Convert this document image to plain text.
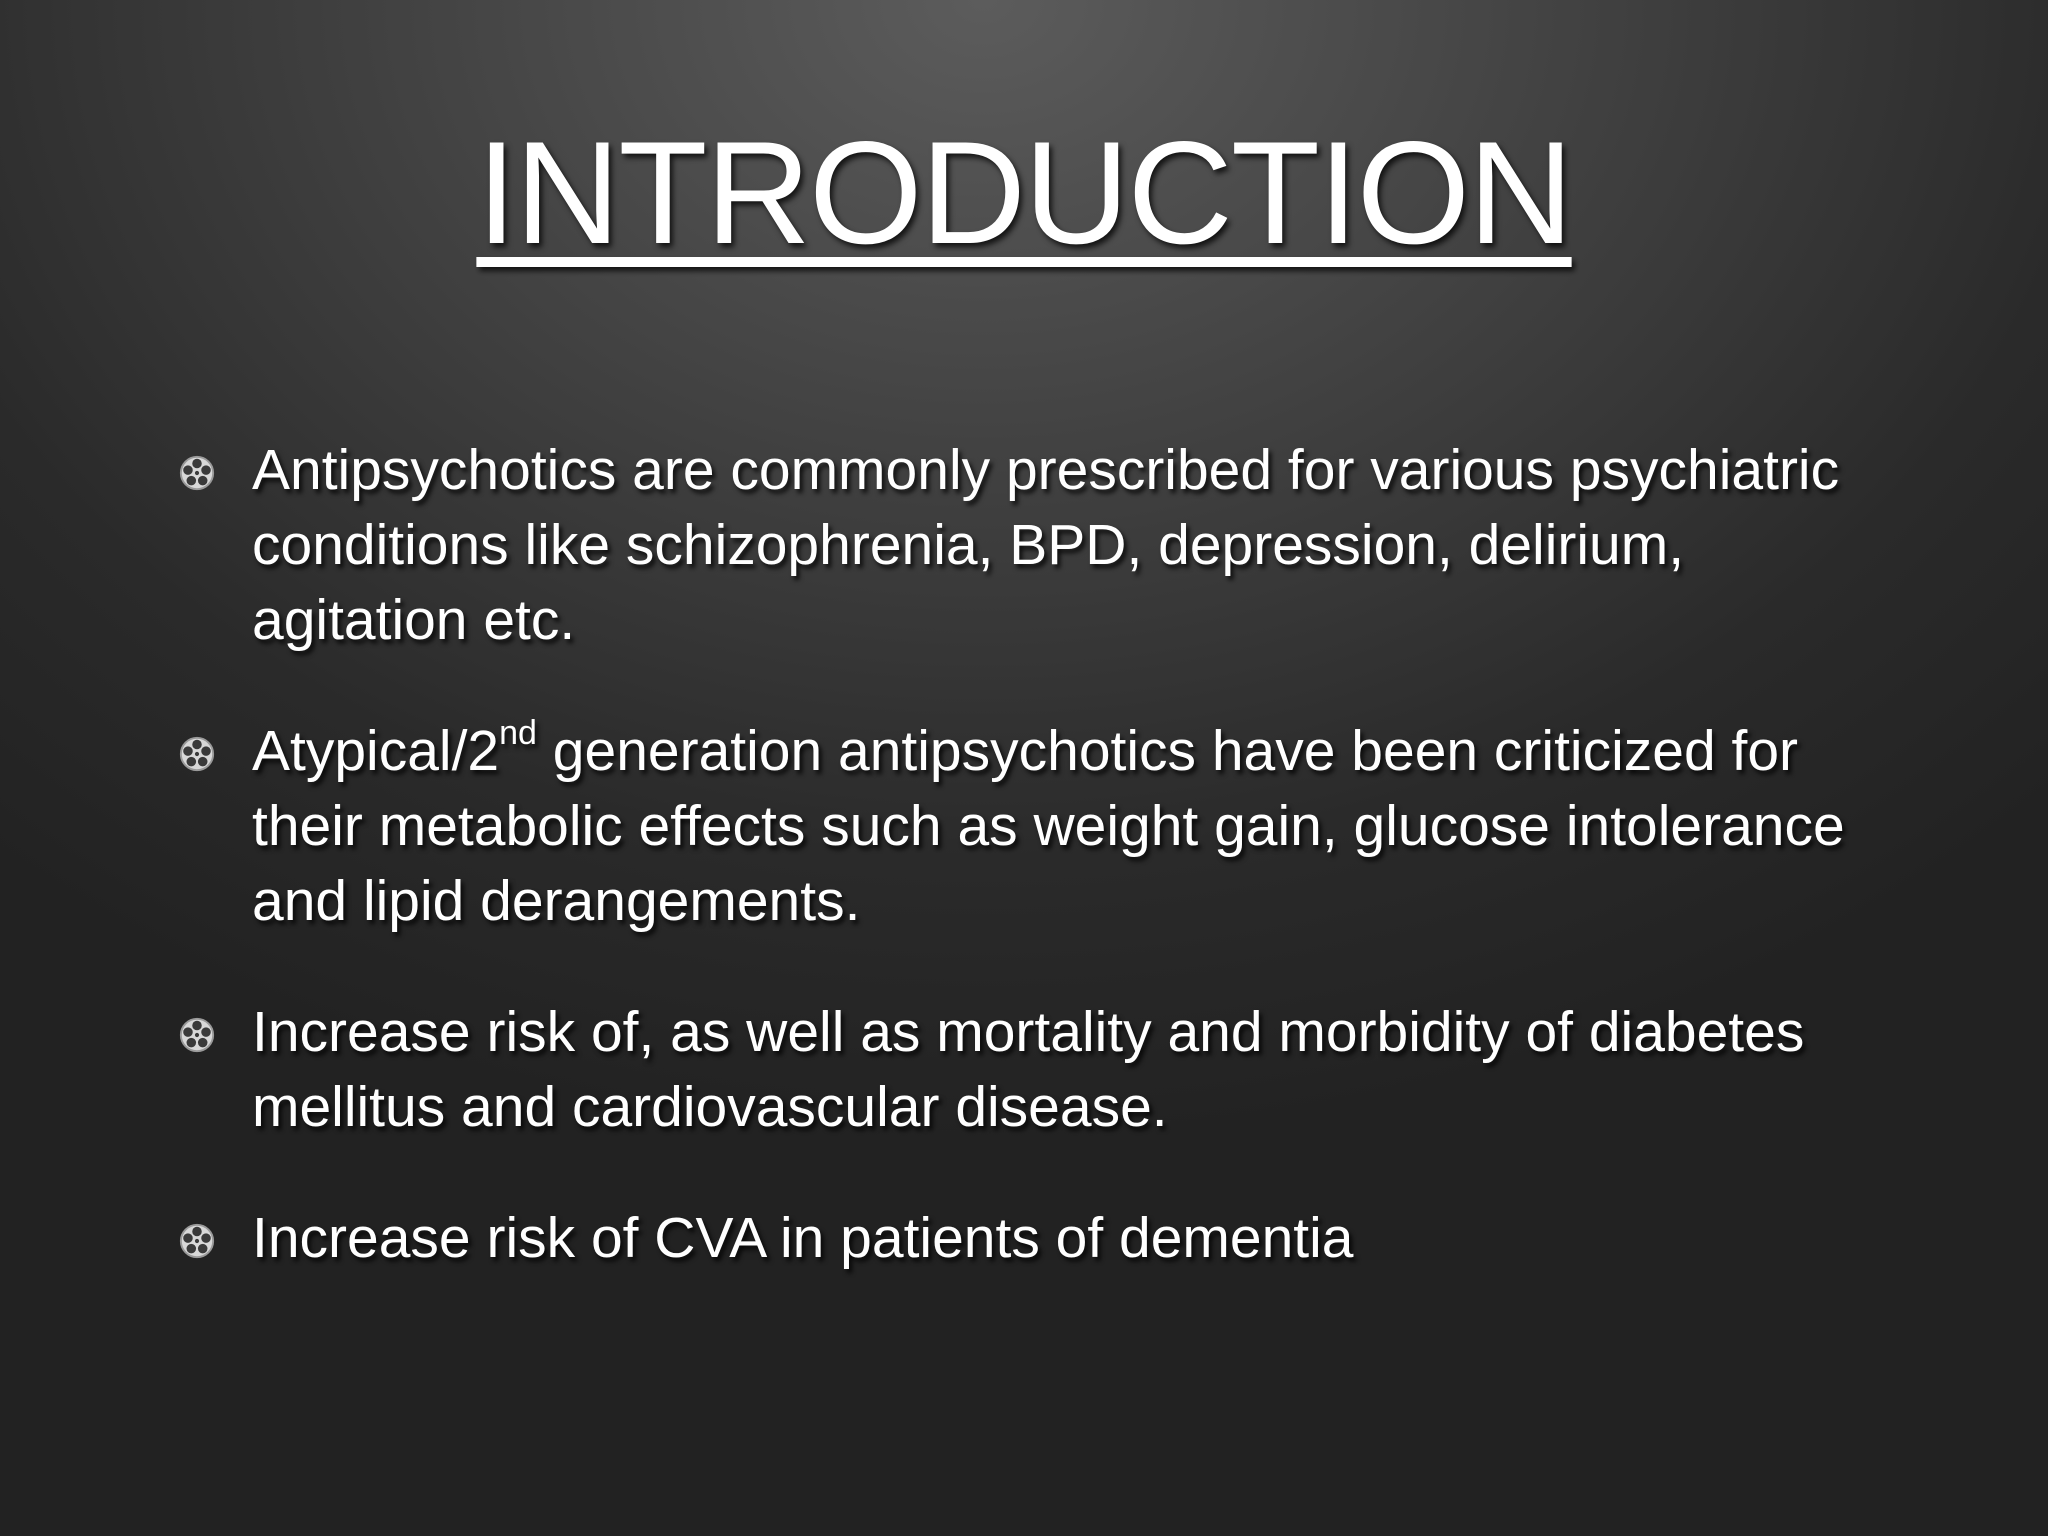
INTRODUCTION
Antipsychotics are commonly prescribed for various psychiatric conditions like schizophrenia, BPD, depression, delirium, agitation etc.
Atypical/2nd generation antipsychotics have been criticized for their metabolic effects such as weight gain, glucose intolerance and lipid derangements.
Increase risk of, as well as mortality and morbidity of diabetes mellitus and cardiovascular disease.
Increase risk of CVA in patients of dementia
